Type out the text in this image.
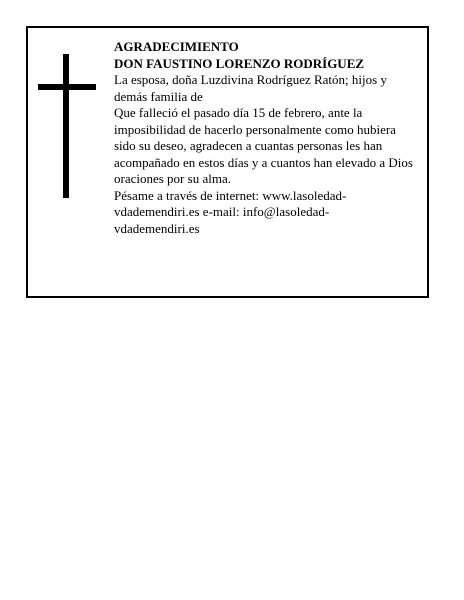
AGRADECIMIENTO

DON FAUSTINO LORENZO RODRÍGUEZ

La esposa, doña Luzdivina Rodríguez Ratón; hijos y demás familia de

Que falleció el pasado día 15 de febrero, ante la imposibilidad de hacerlo personalmente como hubiera sido su deseo, agradecen a cuantas personas les han acompañado en estos días y a cuantos han elevado a Dios oraciones por su alma.

Pésame a través de internet: www.lasoledad-vdademendiri.es e-mail: info@lasoledad-vdademendiri.es
